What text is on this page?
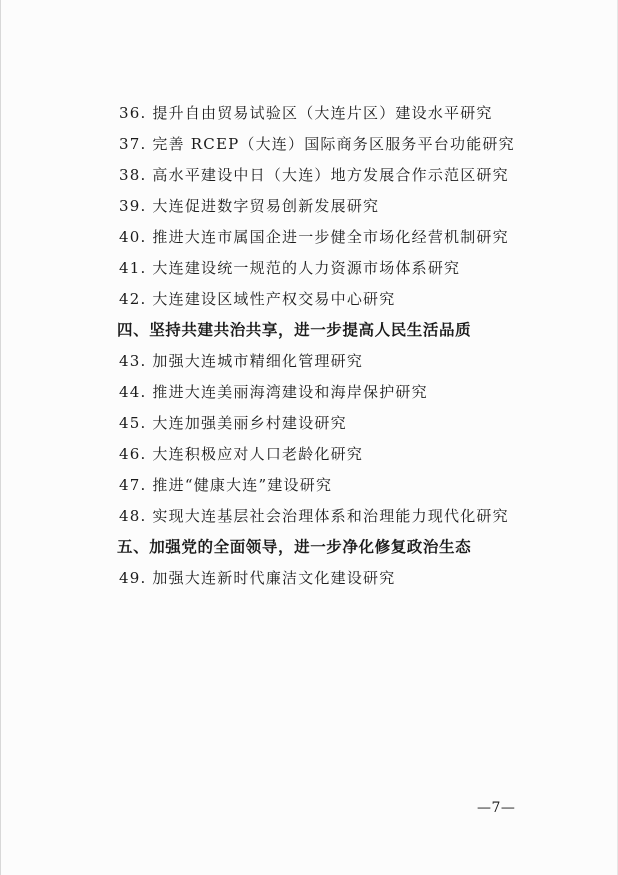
36. 提升自由贸易试验区（大连片区）建设水平研究
37. 完善 RCEP（大连）国际商务区服务平台功能研究
38. 高水平建设中日（大连）地方发展合作示范区研究
39. 大连促进数字贸易创新发展研究
40. 推进大连市属国企进一步健全市场化经营机制研究
41. 大连建设统一规范的人力资源市场体系研究
42. 大连建设区域性产权交易中心研究
四、坚持共建共治共享，进一步提高人民生活品质
43. 加强大连城市精细化管理研究
44. 推进大连美丽海湾建设和海岸保护研究
45. 大连加强美丽乡村建设研究
46. 大连积极应对人口老龄化研究
47. 推进“健康大连”建设研究
48. 实现大连基层社会治理体系和治理能力现代化研究
五、加强党的全面领导，进一步净化修复政治生态
49. 加强大连新时代廉洁文化建设研究
—7—
